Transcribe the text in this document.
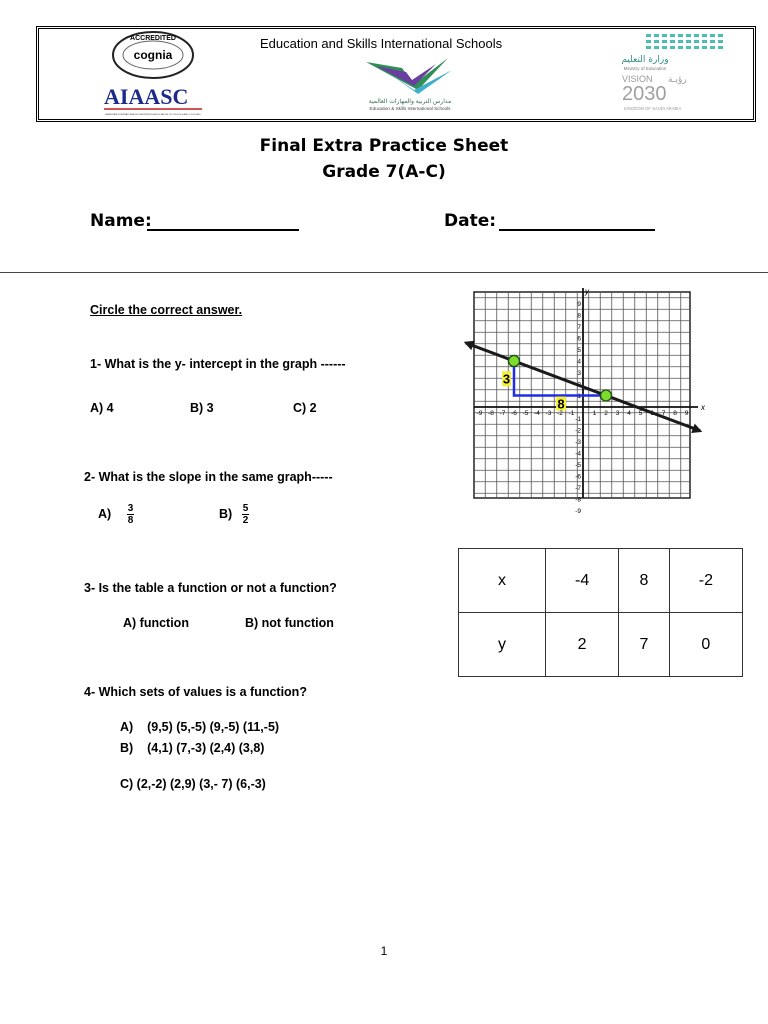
Education and Skills International Schools
ACCREDITED
cognia
AIAASC
AMERICAN INTERNATIONAL ACCREDITATION ASSOCIATION OF SCHOOLS AND COLLEGES
مدارس التربية والمهارات العالمية
Education & Skills International Schools
وزارة التعليم
Ministry of Education
VISION رؤيـة
2030
KINGDOM OF SAUDI ARABIA
Final Extra Practice Sheet
Grade 7(A-C)
Name:	Date:
Circle the correct answer.
1- What is the y- intercept in the graph ------
A) 4	B) 3	C) 2
2- What is the slope in the same graph-----
$A) \frac{3}{8}$	$B) \frac{5}{2}$
3- Is the table a function or not a function?
A) function	B) not function
4- Which sets of values is a function?
A)    (9,5) (5,-5) (9,-5) (11,-5)
B)    (4,1) (7,-3) (2,4) (3,8)
C) (2,-2) (2,9) (3,- 7) (6,-3)
x
y
-9 -8 -7 -6 -5 -4 -3 -2 -1	1 2 3 4 5	7 8 9
9
8
7
6
5
4
3
1
-1
-2
-3
-4
-5
-6
-7
-8
-9
3
8
x	-4	8	-2
y	2	7	0
1
